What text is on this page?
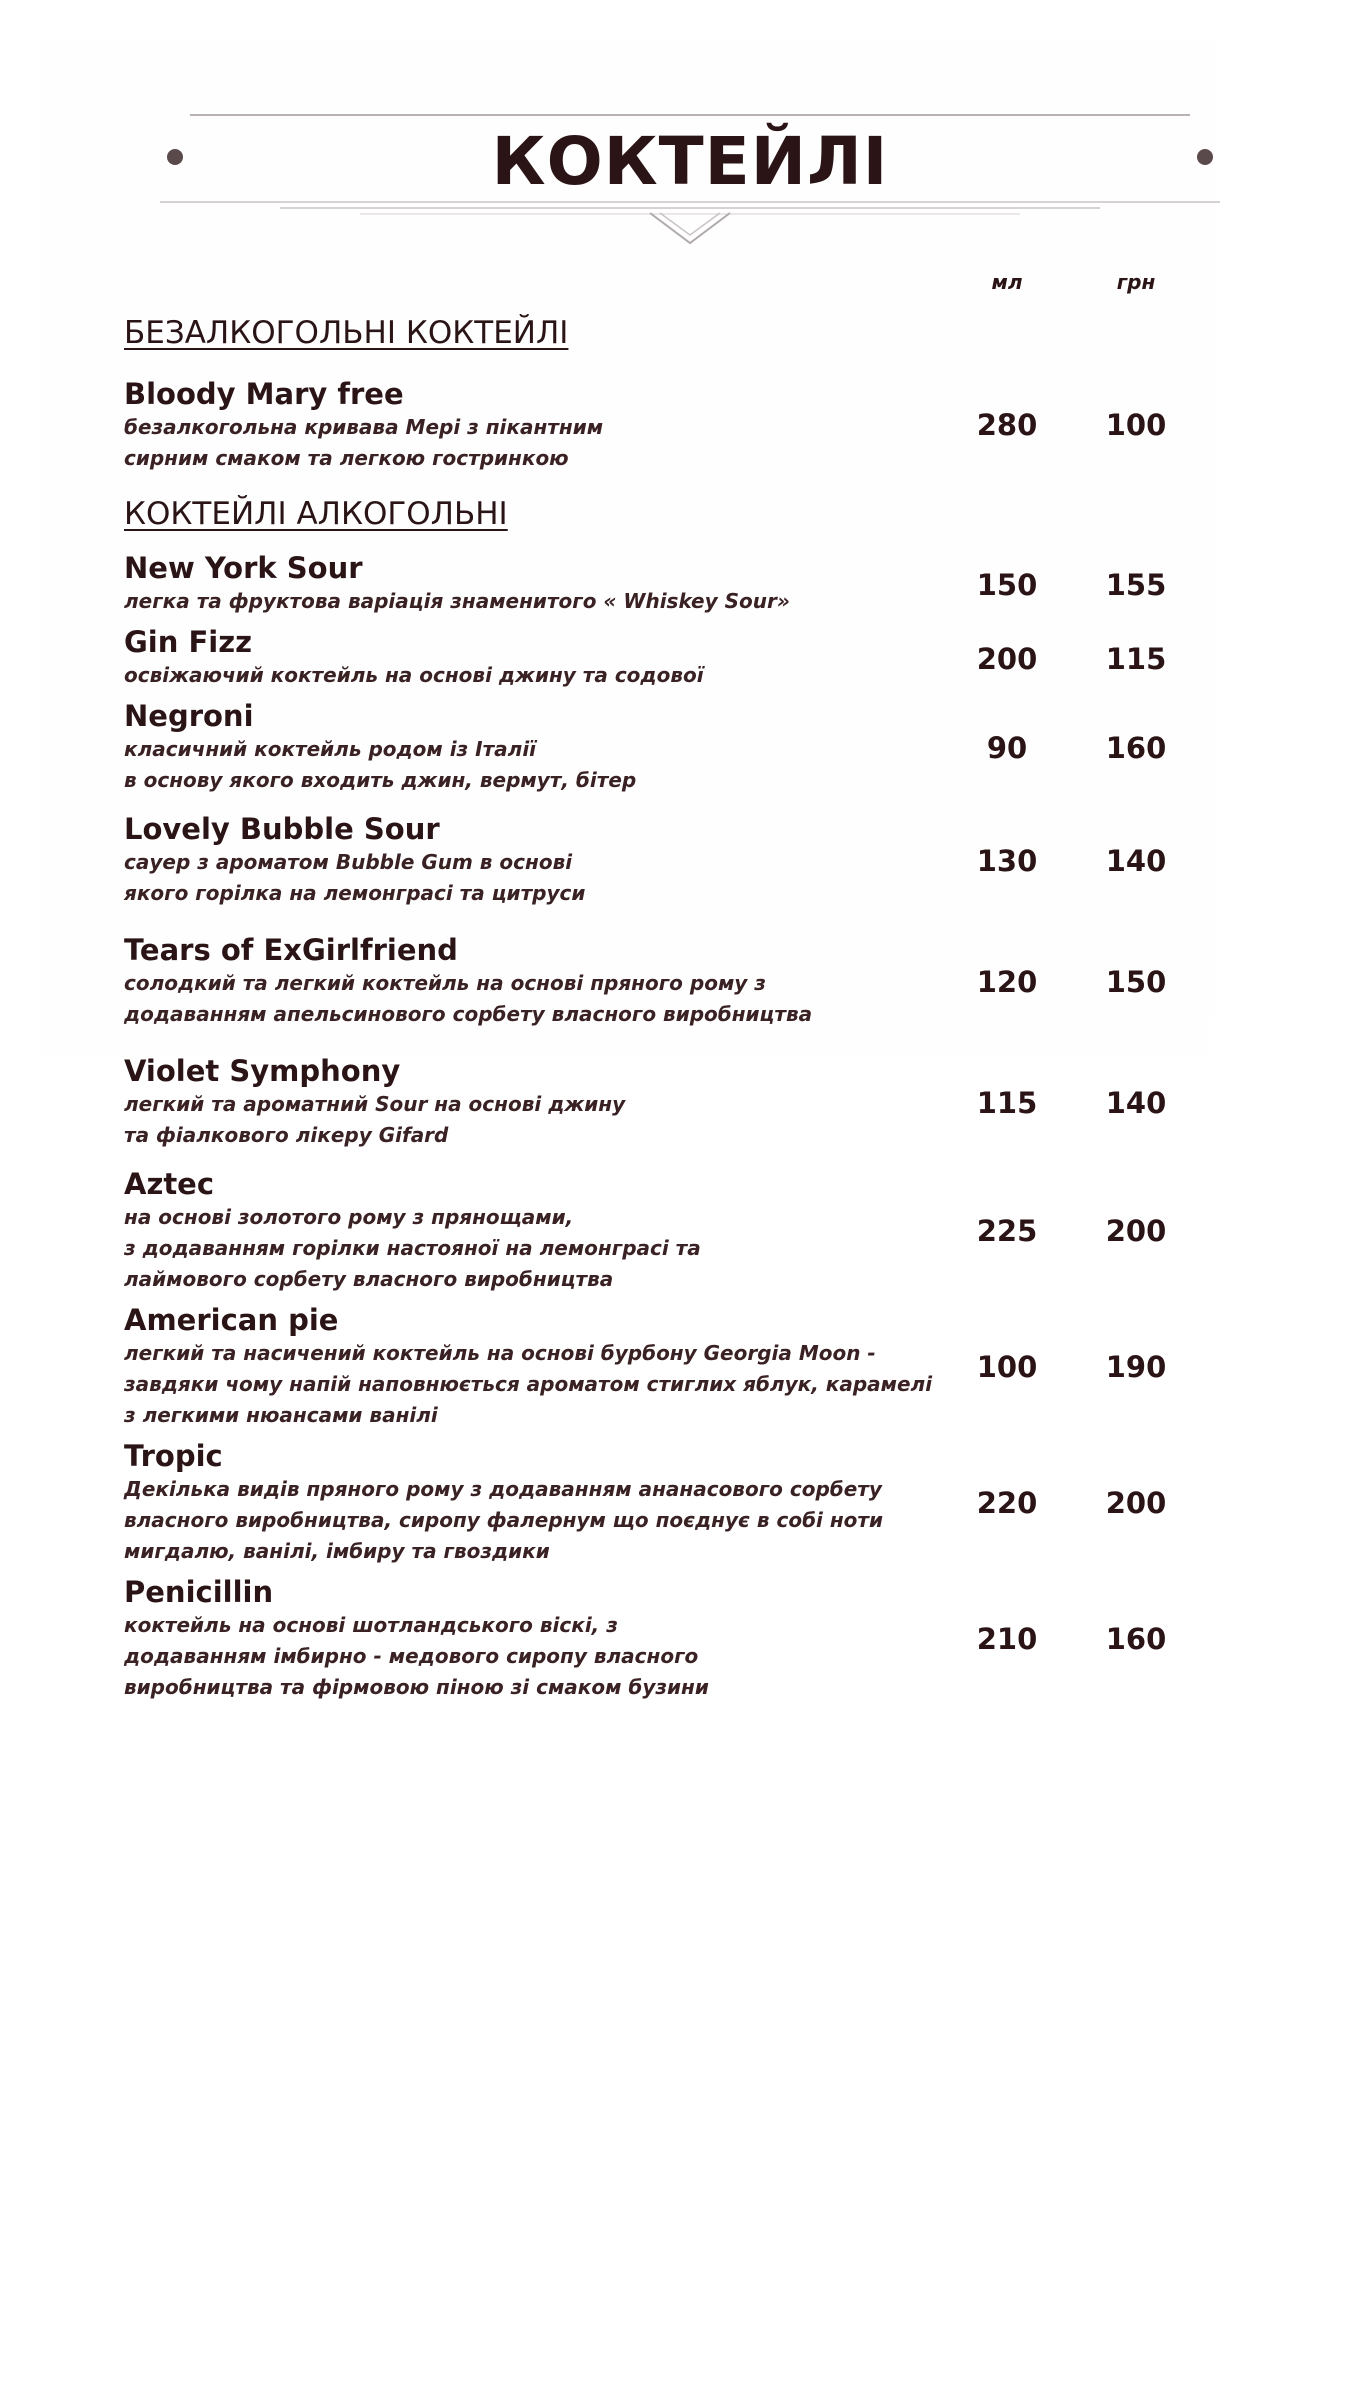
КОКТЕЙЛІ
мл	грн
БЕЗАЛКОГОЛЬНІ КОКТЕЙЛІ
Bloody Mary free
безалкогольна кривава Мері з пікантним
сирним смаком та легкою гостринкою
280	100
КОКТЕЙЛІ АЛКОГОЛЬНІ
New York Sour
легка та фруктова варіація знаменитого « Whiskey Sour»	150	155
Gin Fizz
освіжаючий коктейль на основі джину та содової	200	115
Negroni
класичний коктейль родом із Італії
в основу якого входить джин, вермут, бітер
90	160
Lovely Bubble Sour
сауер з ароматом Bubble Gum в основі
якого горілка на лемонграсі та цитруси
130	140
Tears of ExGirlfriend
солодкий та легкий коктейль на основі пряного рому з
додаванням апельсинового сорбету власного виробництва
120	150
Violet Symphony
легкий та ароматний Sour на основі джину
та фіалкового лікеру Gifard
115	140
Aztec
на основі золотого рому з прянощами,
з додаванням горілки настояної на лемонграсі та
лаймового сорбету власного виробництва
225	200
American pie
легкий та насичений коктейль на основі бурбону Georgia Moon -
завдяки чому напій наповнюється ароматом стиглих яблук, карамелі
з легкими нюансами ванілі
100	190
Tropic
Декілька видів пряного рому з додаванням ананасового сорбету
власного виробництва, сиропу фалернум що поєднує в собі ноти
мигдалю, ванілі, імбиру та гвоздики
220	200
Penicillin
коктейль на основі шотландського віскі, з
додаванням імбирно - медового сиропу власного
виробництва та фірмовою піною зі смаком бузини
210	160
